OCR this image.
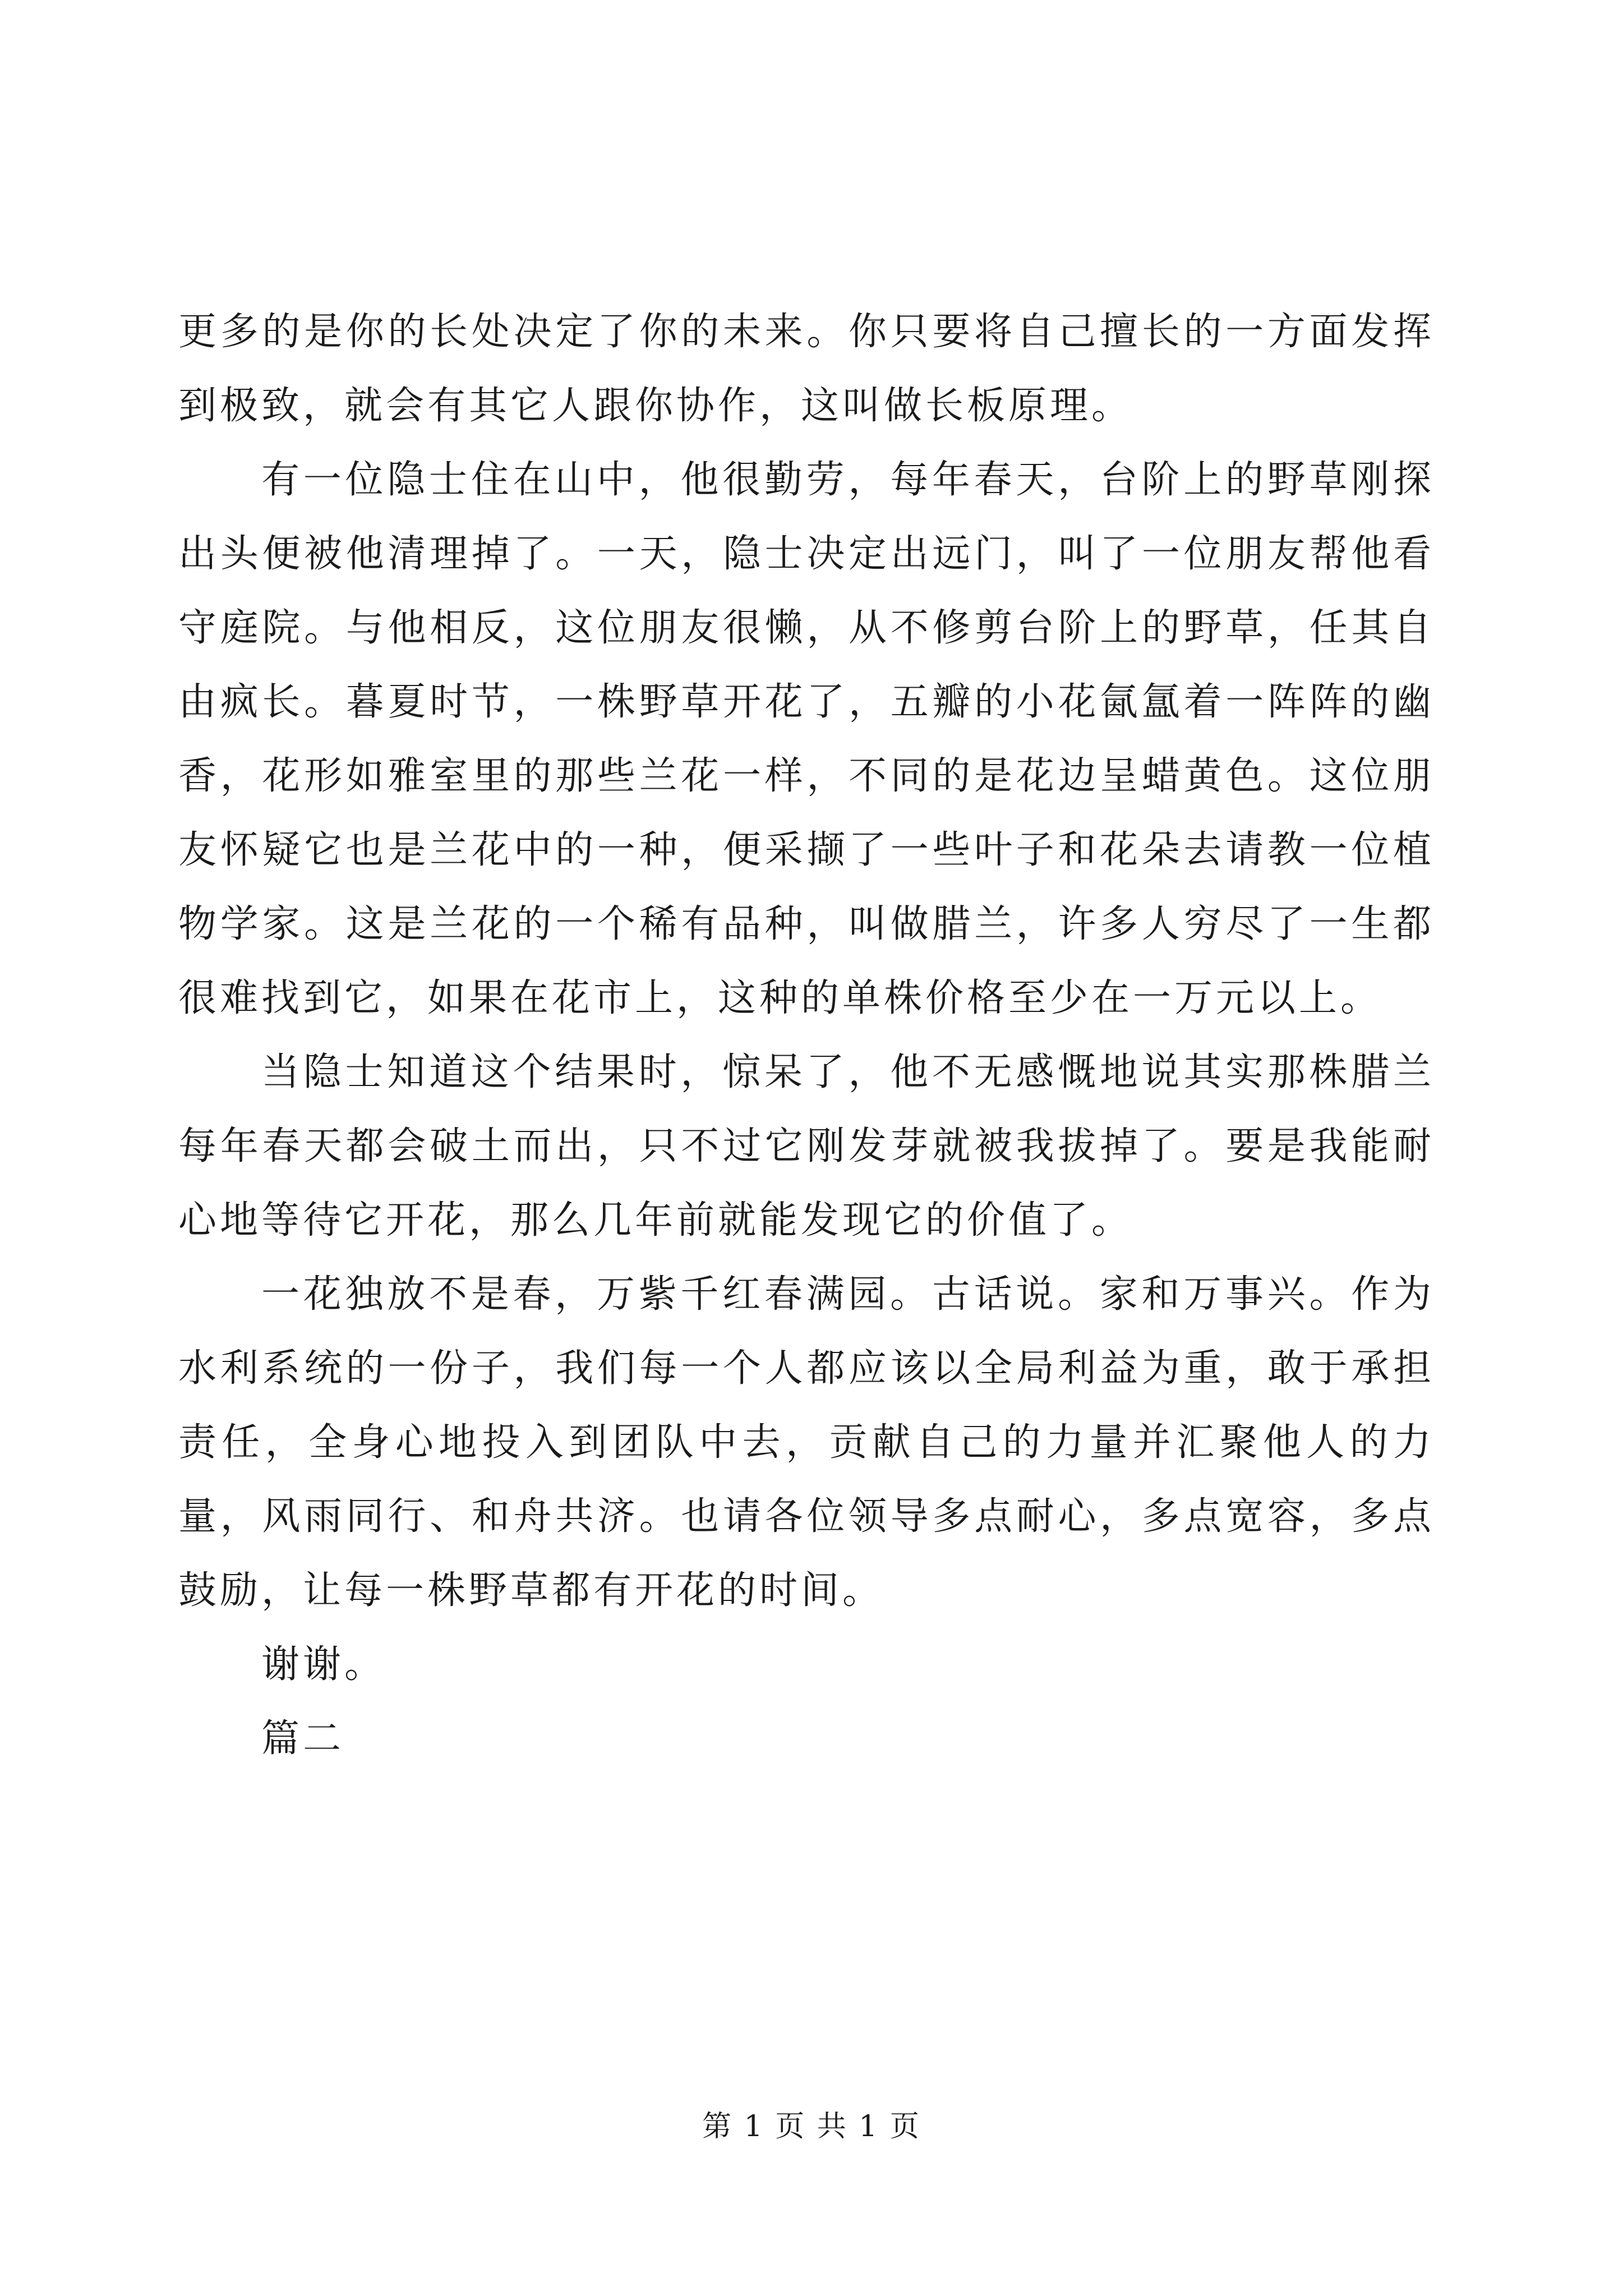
更多的是你的长处决定了你的未来。你只要将自己擅长的一方面发挥到极致，就会有其它人跟你协作，这叫做长板原理。

有一位隐士住在山中，他很勤劳，每年春天，台阶上的野草刚探出头便被他清理掉了。一天，隐士决定出远门，叫了一位朋友帮他看守庭院。与他相反，这位朋友很懒，从不修剪台阶上的野草，任其自由疯长。暮夏时节，一株野草开花了，五瓣的小花氤氲着一阵阵的幽香，花形如雅室里的那些兰花一样，不同的是花边呈蜡黄色。这位朋友怀疑它也是兰花中的一种，便采撷了一些叶子和花朵去请教一位植物学家。这是兰花的一个稀有品种，叫做腊兰，许多人穷尽了一生都很难找到它，如果在花市上，这种的单株价格至少在一万元以上。

当隐士知道这个结果时，惊呆了，他不无感慨地说其实那株腊兰每年春天都会破土而出，只不过它刚发芽就被我拔掉了。要是我能耐心地等待它开花，那么几年前就能发现它的价值了。

一花独放不是春，万紫千红春满园。古话说。家和万事兴。作为水利系统的一份子，我们每一个人都应该以全局利益为重，敢于承担责任，全身心地投入到团队中去，贡献自己的力量并汇聚他人的力量，风雨同行、和舟共济。也请各位领导多点耐心，多点宽容，多点鼓励，让每一株野草都有开花的时间。

谢谢。

篇二

第 1 页 共 1 页
